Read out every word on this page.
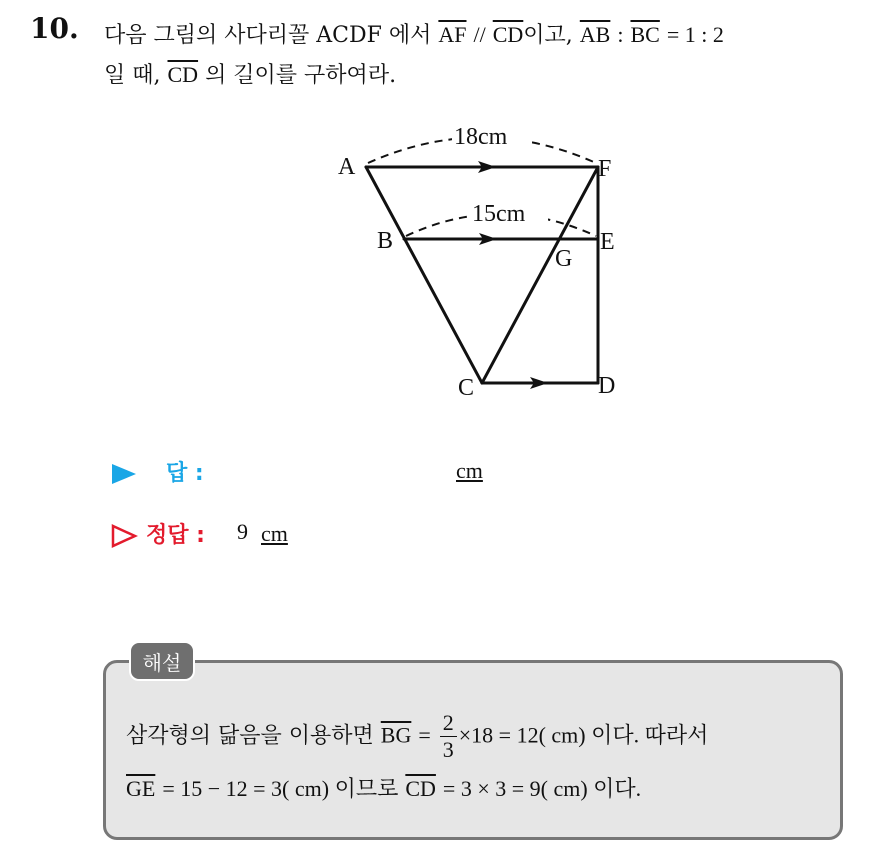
10. 다음 그림의 사다리꼴 ACDF 에서 $\overline{AF} // \overline{CD}$이고, $\overline{AB}$ : $\overline{BC} = 1$ : 2
일 때, $\overline{CD}$ 의 길이를 구하여라.
18cm
15cm
A	F
B	E
G
C	D
답 :	cm
정답 : 9 cm
해설
삼각형의 닮음을 이용하면 $\overline{BG} = \frac{2}{3} \times 18 = 12$( cm) 이다. 따라서
$\overline{GE} = 15 - 12 = 3$( cm) 이므로 $\overline{CD} = 3 \times 3 = 9$( cm) 이다.
